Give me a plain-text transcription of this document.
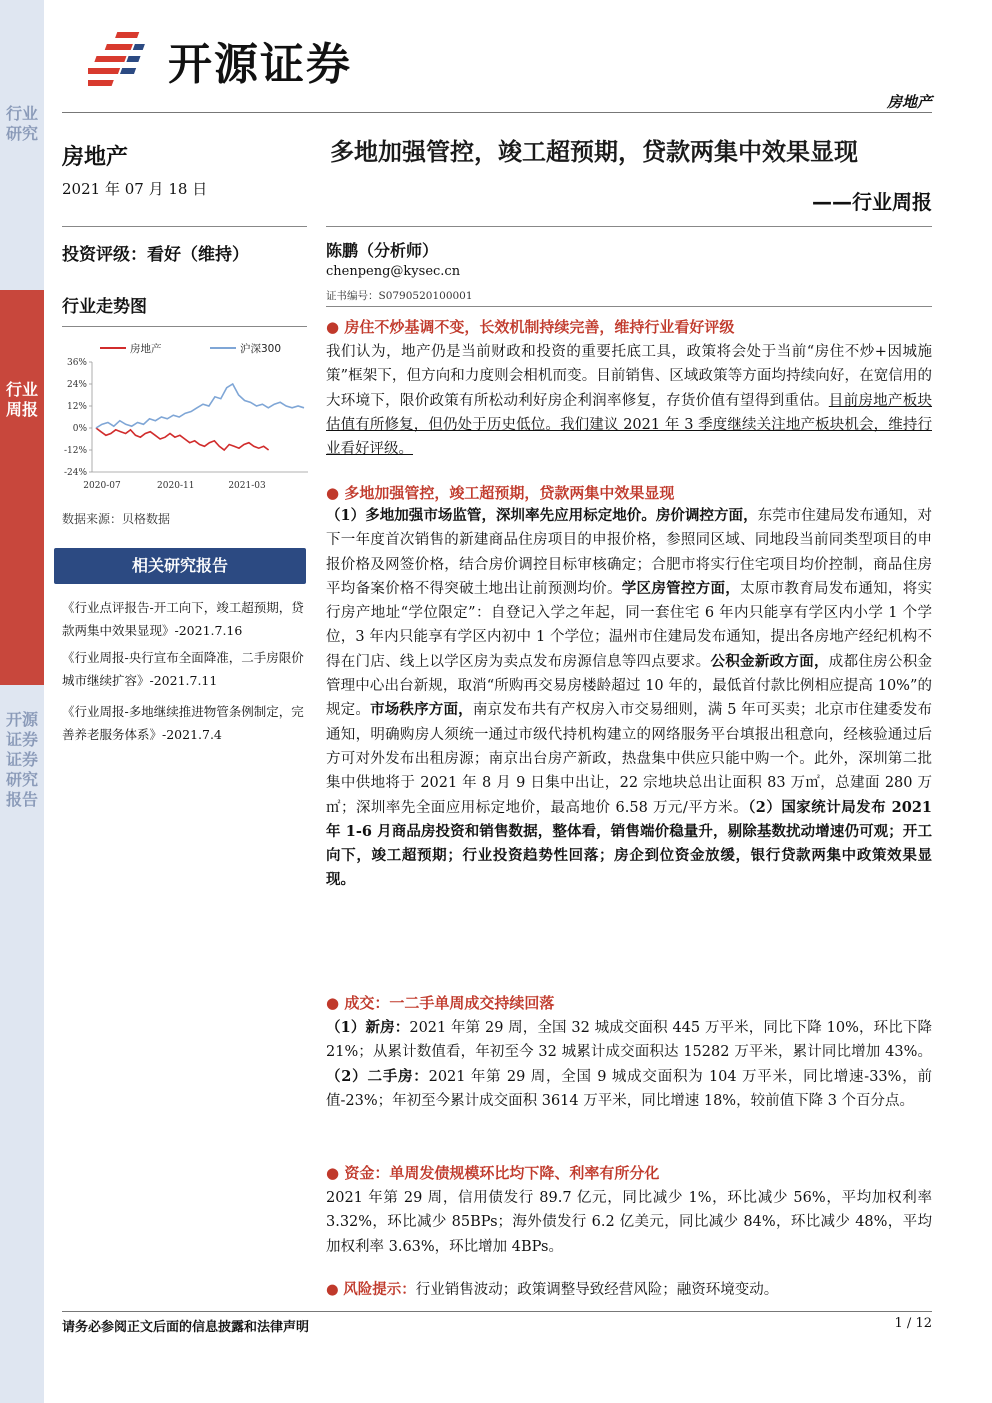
行业研究
开源证券 证券研究报告
行业周报
开源证券
房地产
房地产
2021 年 07 月 18 日
投资评级：看好（维持）
行业走势图
36%
24%
12%
0%
-12%
-24%
2020-07	2020-11	2021-03
房地产	沪深300
数据来源：贝格数据
相关研究报告
《行业点评报告-开工向下，竣工超预期，贷款两集中效果显现》-2021.7.16
《行业周报-央行宣布全面降准，二手房限价城市继续扩容》-2021.7.11
《行业周报-多地继续推进物管条例制定，完善养老服务体系》-2021.7.4
多地加强管控，竣工超预期，贷款两集中效果显现
——行业周报
陈鹏（分析师）
chenpeng@kysec.cn
证书编号：S0790520100001
● 房住不炒基调不变，长效机制持续完善，维持行业看好评级
我们认为，地产仍是当前财政和投资的重要托底工具，政策将会处于当前“房住不炒+因城施策”框架下，但方向和力度则会相机而变。目前销售、区域政策等方面均持续向好，在宽信用的大环境下，限价政策有所松动利好房企利润率修复，存货价值有望得到重估。目前房地产板块估值有所修复，但仍处于历史低位。我们建议 2021 年 3 季度继续关注地产板块机会，维持行业看好评级。
● 多地加强管控，竣工超预期，贷款两集中效果显现
（1）多地加强市场监管，深圳率先应用标定地价。房价调控方面，东莞市住建局发布通知，对下一年度首次销售的新建商品住房项目的申报价格，参照同区域、同地段当前同类型项目的申报价格及网签价格，结合房价调控目标审核确定；合肥市将实行住宅项目均价控制，商品住房平均备案价格不得突破土地出让前预测均价。学区房管控方面，太原市教育局发布通知，将实行房产地址“学位限定”：自登记入学之年起，同一套住宅 6 年内只能享有学区内小学 1 个学位，3 年内只能享有学区内初中 1 个学位；温州市住建局发布通知，提出各房地产经纪机构不得在门店、线上以学区房为卖点发布房源信息等四点要求。公积金新政方面，成都住房公积金管理中心出台新规，取消“所购再交易房楼龄超过 10 年的，最低首付款比例相应提高 10%”的规定。市场秩序方面，南京发布共有产权房入市交易细则，满 5 年可买卖；北京市住建委发布通知，明确购房人须统一通过市级代持机构建立的网络服务平台填报出租意向，经核验通过后方可对外发布出租房源；南京出台房产新政，热盘集中供应只能中购一个。此外，深圳第二批集中供地将于 2021 年 8 月 9 日集中出让，22 宗地块总出让面积 83 万㎡，总建面 280 万㎡；深圳率先全面应用标定地价，最高地价 6.58 万元/平方米。（2）国家统计局发布 2021 年 1-6 月商品房投资和销售数据，整体看，销售端价稳量升，剔除基数扰动增速仍可观；开工向下，竣工超预期；行业投资趋势性回落；房企到位资金放缓，银行贷款两集中政策效果显现。
● 成交：一二手单周成交持续回落
（1）新房：2021 年第 29 周，全国 32 城成交面积 445 万平米，同比下降 10%，环比下降 21%；从累计数值看，年初至今 32 城累计成交面积达 15282 万平米，累计同比增加 43%。（2）二手房：2021 年第 29 周，全国 9 城成交面积为 104 万平米，同比增速-33%，前值-23%；年初至今累计成交面积 3614 万平米，同比增速 18%，较前值下降 3 个百分点。
● 资金：单周发债规模环比均下降、利率有所分化
2021 年第 29 周，信用债发行 89.7 亿元，同比减少 1%，环比减少 56%，平均加权利率 3.32%，环比减少 85BPs；海外债发行 6.2 亿美元，同比减少 84%，环比减少 48%，平均加权利率 3.63%，环比增加 4BPs。
● 风险提示：行业销售波动；政策调整导致经营风险；融资环境变动。
请务必参阅正文后面的信息披露和法律声明	1 / 12
